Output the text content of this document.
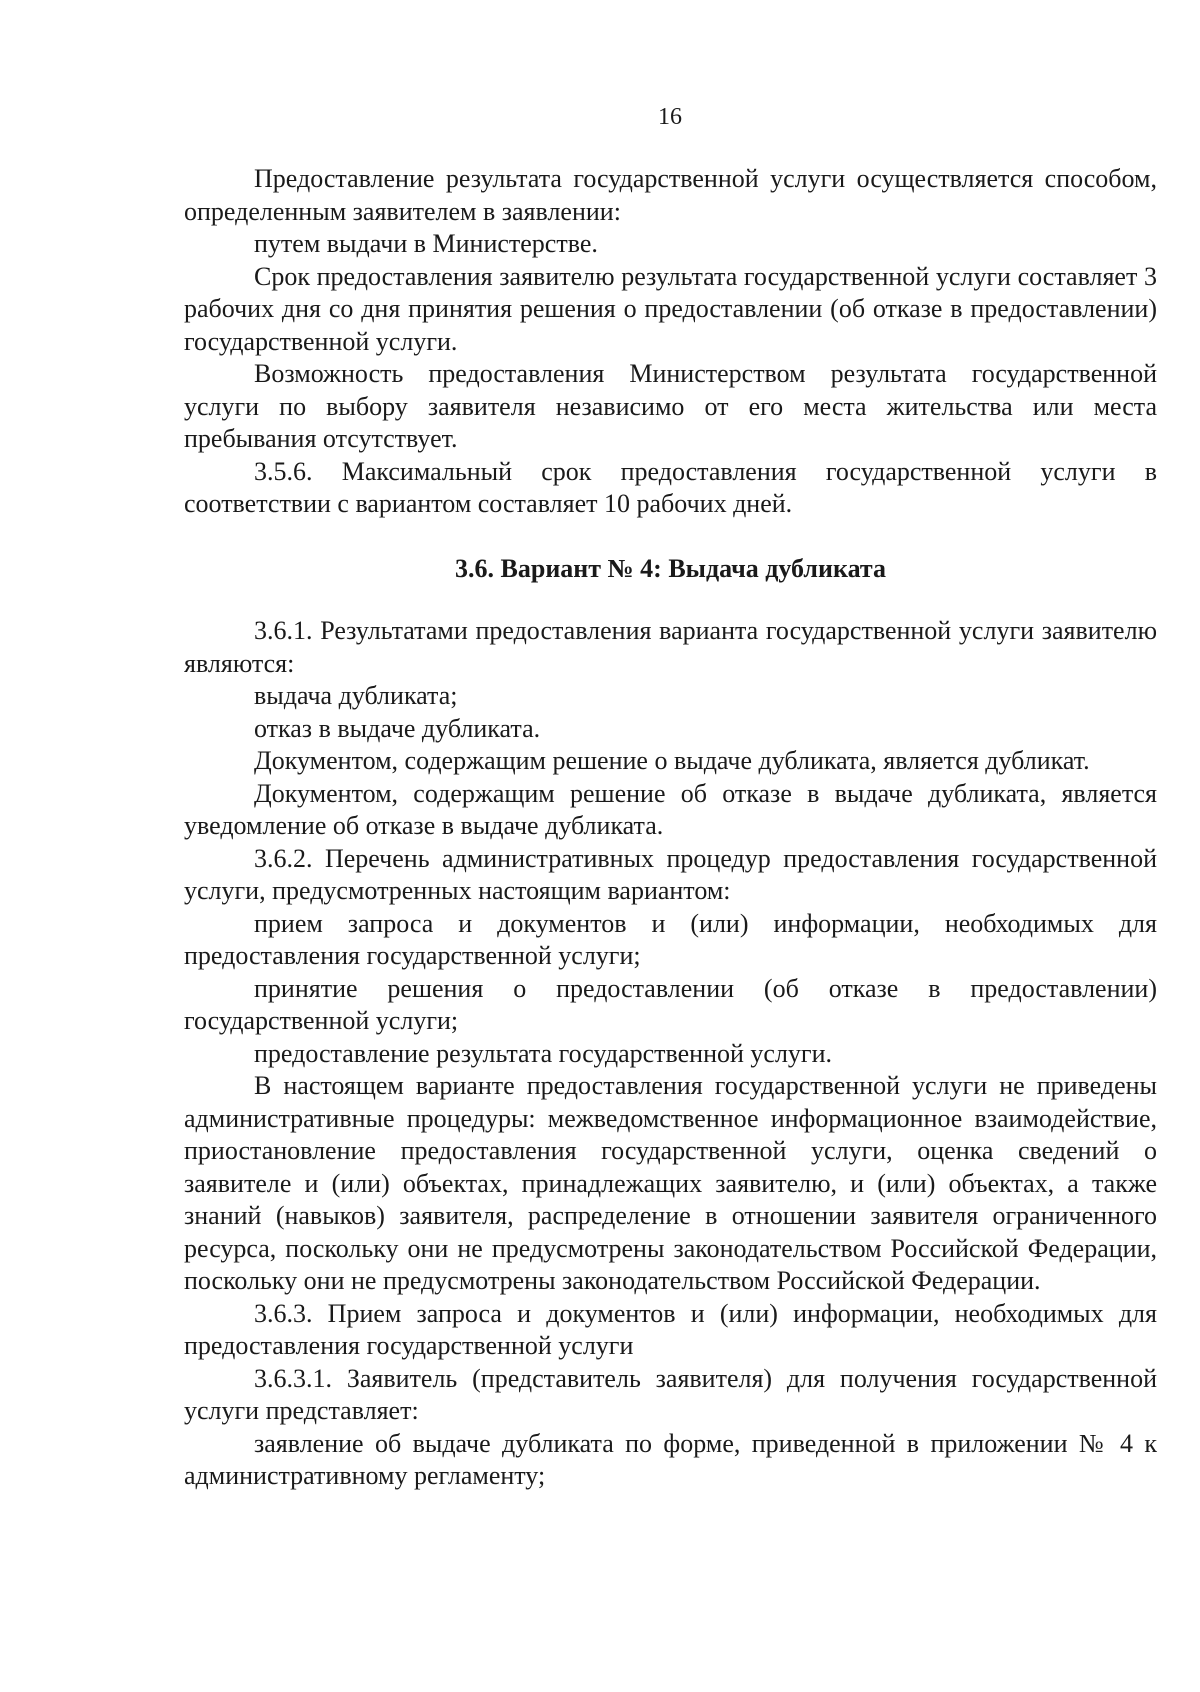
16

Предоставление результата государственной услуги осуществляется способом, определенным заявителем в заявлении:

путем выдачи в Министерстве.

Срок предоставления заявителю результата государственной услуги составляет 3 рабочих дня со дня принятия решения о предоставлении (об отказе в предоставлении) государственной услуги.

Возможность предоставления Министерством результата государственной услуги по выбору заявителя независимо от его места жительства или места пребывания отсутствует.

3.5.6. Максимальный срок предоставления государственной услуги в соответствии с вариантом составляет 10 рабочих дней.

3.6. Вариант № 4: Выдача дубликата

3.6.1. Результатами предоставления варианта государственной услуги заявителю являются:

выдача дубликата;

отказ в выдаче дубликата.

Документом, содержащим решение о выдаче дубликата, является дубликат.

Документом, содержащим решение об отказе в выдаче дубликата, является уведомление об отказе в выдаче дубликата.

3.6.2. Перечень административных процедур предоставления государственной услуги, предусмотренных настоящим вариантом:

прием запроса и документов и (или) информации, необходимых для предоставления государственной услуги;

принятие решения о предоставлении (об отказе в предоставлении) государственной услуги;

предоставление результата государственной услуги.

В настоящем варианте предоставления государственной услуги не приведены административные процедуры: межведомственное информационное взаимодействие, приостановление предоставления государственной услуги, оценка сведений о заявителе и (или) объектах, принадлежащих заявителю, и (или) объектах, а также знаний (навыков) заявителя, распределение в отношении заявителя ограниченного ресурса, поскольку они не предусмотрены законодательством Российской Федерации, поскольку они не предусмотрены законодательством Российской Федерации.

3.6.3. Прием запроса и документов и (или) информации, необходимых для предоставления государственной услуги

3.6.3.1. Заявитель (представитель заявителя) для получения государственной услуги представляет:

заявление об выдаче дубликата по форме, приведенной в приложении № 4 к административному регламенту;
